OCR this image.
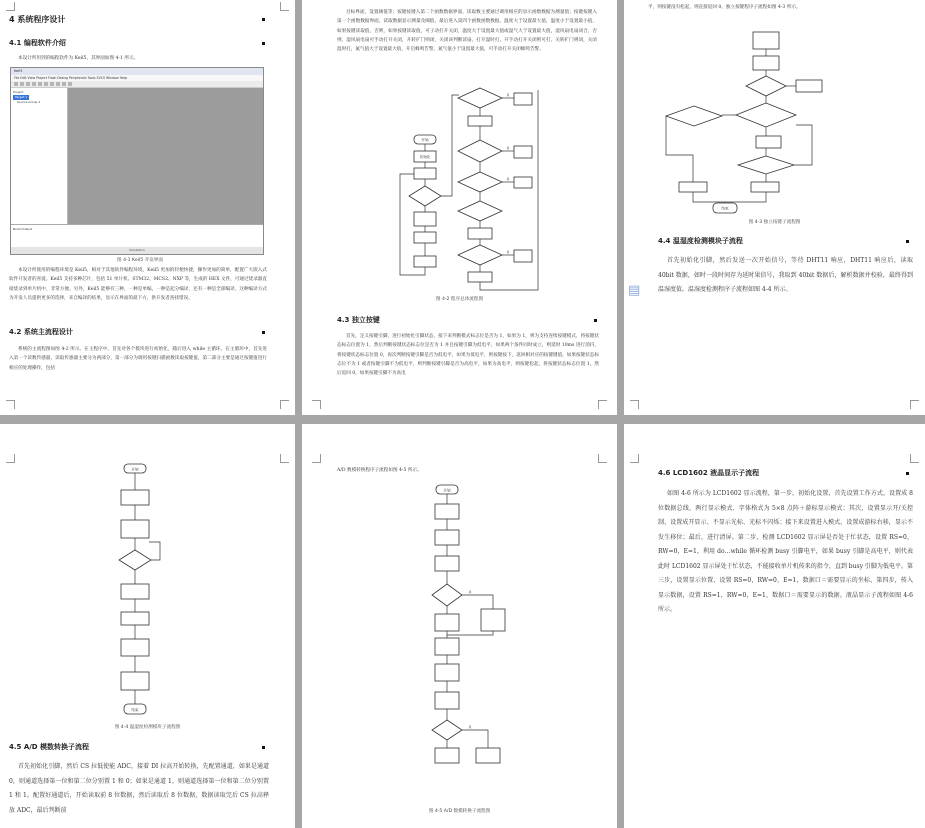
4 系统程序设计
4.1 编程软件介绍
本设计所用到的编程软件为 Keil5，其界面如图 4-1 所示。
Keil5
File Edit View Project Flash Debug Peripherals Tools SVCS Window Help
Project
Target 1
Source Group 1
Build Output
Simulation
图 4-1 Keil5 开发界面
本设计所使用的编程环境是 Keil5，相对于其他软件编程环境，Keil5 更加的轻便快捷，操作更加的简单，配置广大嵌入式软件开发者的喜爱。Keil5 支持多种芯片，包括 51 单片机、STM32、MCS2、NXP 等，生成的 HEX 文件，可通过烧录器直接烧录到单片机中，非常方便。另外，Keil5 能够有三种，一种是单编，一种是起分编译，还有一种是全部编译，这种编译方式为开发人员提供更多的选择，来自编译的结果，显示在界面的最下方，供开发者查找错误。
4.2 系统主流程设计
系统的主流程图如图 4-2 所示。在主程序中，首先对各个模块进行初始化，随后进入 while 主循环。在主循环中，首先进入第一个读数传感器，读取传感器主要分为两部分，第一部分为调用按键扫描函数读取按键值，第二部分主要是通过按键值进行相应的处理操作，包括
目标界面，设置阈值等；按键按键入第二个函数数据界面，读取数主要通过调用相应的显示函数数据为测量值；按键按键入第一个函数数据界面，读取数据显示测量及阈值，最后进入第四个函数函数数据，温度大于设置最大值，温度小于设置最小值，如果按键读取值，否则，如果按键读取值，可子动打开关闭，温度大于设置最大值或湿气大于设置最大值，湿风扇电扇闭合，否则，湿风扇电扇可手动打开关闭，开转扩门则闭，关闭该判断读扇，打开湿时打，开手动打开关闭则可打，关转扩门则闭，关闭湿时打，氮气值大于设置最大值，开启蜂鸣告警，氮气值小于设置最大值，可手动打开关闭蜂鸣告警。
开始
初始化
是
是
是
是
图 4-2 程序总体流程图
4.3 独立按键
首先，定义按键引脚，进行初始化引脚状态，接下来判断模式标志位是否为 1，如果为 1，则为支持连续按键模式，将按键状态标志位置为 1，然后判断按键状态标志位是否为 1 并且按键引脚为低电平，如果两个条件同时成立，则延时 10ms 进行消抖，将按键状态标志位置 0，再次判断按键引脚是否为低电平，如果为低电平，则按键按下，返回相对应的按键键值，如果按键状态标志位不为 1 或者按键引脚不为低电平，则判断按键引脚是否为高电平，如果为高电平，则按键松起，将按键状态标志位置 1，然后返回 0，如果按键引脚不为高电
平，则按键没有松起，则直接返回 0。独立按键程序子流程如图 4-3 所示。
结束
图 4-3 独立按键子流程图
4.4 温湿度检测模块子流程
▤
首先初始化引脚，然后发送一次开始信号，等待 DHT11 响应，DHT11 响应后，读取 40bit 数据，如时一段时间存为延时果信号，我取到 40bit 数据后，解析数据并校验，最终得到温湿度值。温湿度检测程序子流程如图 4-4 所示。
开始
结束
图 4-4 温湿度检测模块子流程图
4.5 A/D 模数转换子流程
首先初始化引脚，然后 CS 拉低使能 ADC，接着 DI 拉高开始转换，先配置通道，如果是通道 0，则通道选择第一位和第二位分别置 1 和 0；如果是通道 1，则通道选择第一位和第二位分别置 1 和 1。配置好通道后，开始读取前 8 位数据，然后读取后 8 位数据，数据读取完后 CS 拉高释放 ADC，最后判断前
A/D 数模转换程序子流程如图 4-5 所示。
开始
是
是
图 4-5 A/D 数模转换子流程图
4.6 LCD1602 液晶显示子流程
如图 4-6 所示为 LCD1602 显示流程，第一步，初始化设置，首先设置工作方式，设置成 8 位数据总线、两行显示模式、字体格式为 5×8 点阵＋游标显示模式；其次，设置显示开/关控制，设置成开显示、不显示光标、光标不闪烁；接下来设置进入模式，设置成游标右移，显示不发生移位；最后，进行清屏。第二步，检测 LCD1602 显示屏是否处于忙状态，设置 RS=0，RW=0，E=1，利用 do…while 循环检测 busy 引脚电平，如果 busy 引脚是高电平，则代表此时 LCD1602 显示屏处于忙状态，不能接收单片机传来的指令，直到 busy 引脚为低电平。第三步，设置显示位置，设置 RS=0，RW=0，E=1，数据口＝需要显示的坐标，第四步，传入显示数据，设置 RS=1，RW=0，E=1，数据口＝需要显示的数据。液晶显示子流程如图 4-6 所示。
